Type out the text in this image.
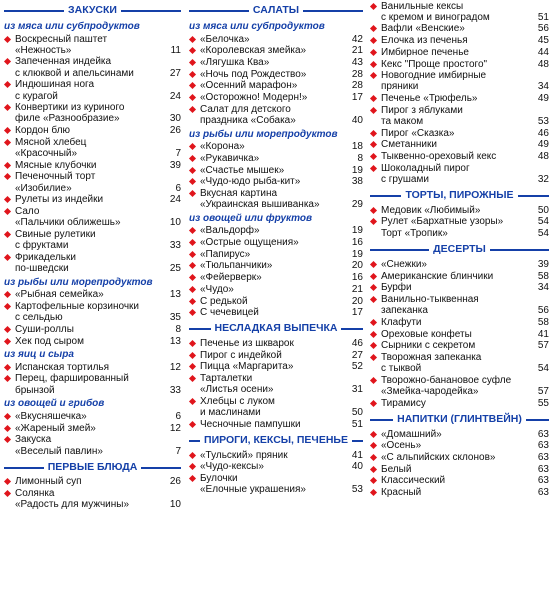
ЗАКУСКИ
из мяса или субпродуктов
Воскресный паштет
«Нежность»	11
Запеченная индейка
с клюквой и апельсинами	27
Индюшиная нога
с курагой	24
Конвертики из куриного
филе «Разнообразие»	30
Кордон блю	26
Мясной хлебец
«Красочный»	7
Мясные клубочки	39
Печеночный торт
«Изобилие»	6
Рулеты из индейки	24
Сало
«Пальчики оближешь»	10
Свиные рулетики
с фруктами	33
Фрикадельки
по-шведски	25
из рыбы или морепродуктов
«Рыбная семейка»	13
Картофельные корзиночки
с сельдью	35
Суши-роллы	8
Хек под сыром	13
из яиц и сыра
Испанская тортилья	12
Перец, фаршированный
брынзой	33
из овощей и грибов
«Вкусняшечка»	6
«Жареный змей»	12
Закуска
«Веселый павлин»	7
ПЕРВЫЕ БЛЮДА
Лимонный суп	26
Солянка
«Радость для мужчины»	10
САЛАТЫ
из мяса или субпродуктов
«Белочка»	42
«Королевская змейка»	21
«Лягушка Ква»	43
«Ночь под Рождество»	28
«Осенний марафон»	28
«Осторожно! Модерн!»	17
Салат для детского
праздника «Собака»	40
из рыбы или морепродуктов
«Корона»	18
«Рукавичка»	8
«Счастье мышек»	19
«Чудо-юдо рыба-кит»	38
Вкусная картина
«Украинская вышиванка»	29
из овощей или фруктов
«Вальдорф»	19
«Острые ощущения»	16
«Папирус»	19
«Тюльпанчики»	20
«Фейерверк»	16
«Чудо»	21
С редькой	20
С чечевицей	17
НЕСЛАДКАЯ ВЫПЕЧКА
Печенье из шкварок	46
Пирог с индейкой	27
Пицца «Маргарита»	52
Тарталетки
«Листья осени»	31
Хлебцы с луком
и маслинами	50
Чесночные пампушки	51
ПИРОГИ, КЕКСЫ, ПЕЧЕНЬЕ
«Тульский» пряник	41
«Чудо-кексы»	40
Булочки
«Елочные украшения»	53
Ванильные кексы
с кремом и виноградом	51
Вафли «Венские»	56
Елочка из печенья	45
Имбирное печенье	44
Кекс "Проще простого"	48
Новогодние имбирные
пряники	34
Печенье «Трюфель»	49
Пирог з яблуками
та маком	53
Пирог «Сказка»	46
Сметанники	49
Тыквенно-ореховый кекс	48
Шоколадный пирог
с грушами	32
ТОРТЫ, ПИРОЖНЫЕ
Медовик «Любимый»	50
Рулет «Бархатные узоры»	54
Торт «Тропик»	54
ДЕСЕРТЫ
«Снежки»	39
Американские блинчики	58
Бурфи	34
Ванильно-тыквенная
запеканка	56
Клафути	58
Ореховые конфеты	41
Сырники с секретом	57
Творожная запеканка
с тыквой	54
Творожно-банановое суфле
«Змейка-чародейка»	57
Тирамису	55
НАПИТКИ (ГЛИНТВЕЙН)
«Домашний»	63
«Осень»	63
«С альпийских склонов»	63
Белый	63
Классический	63
Красный	63
